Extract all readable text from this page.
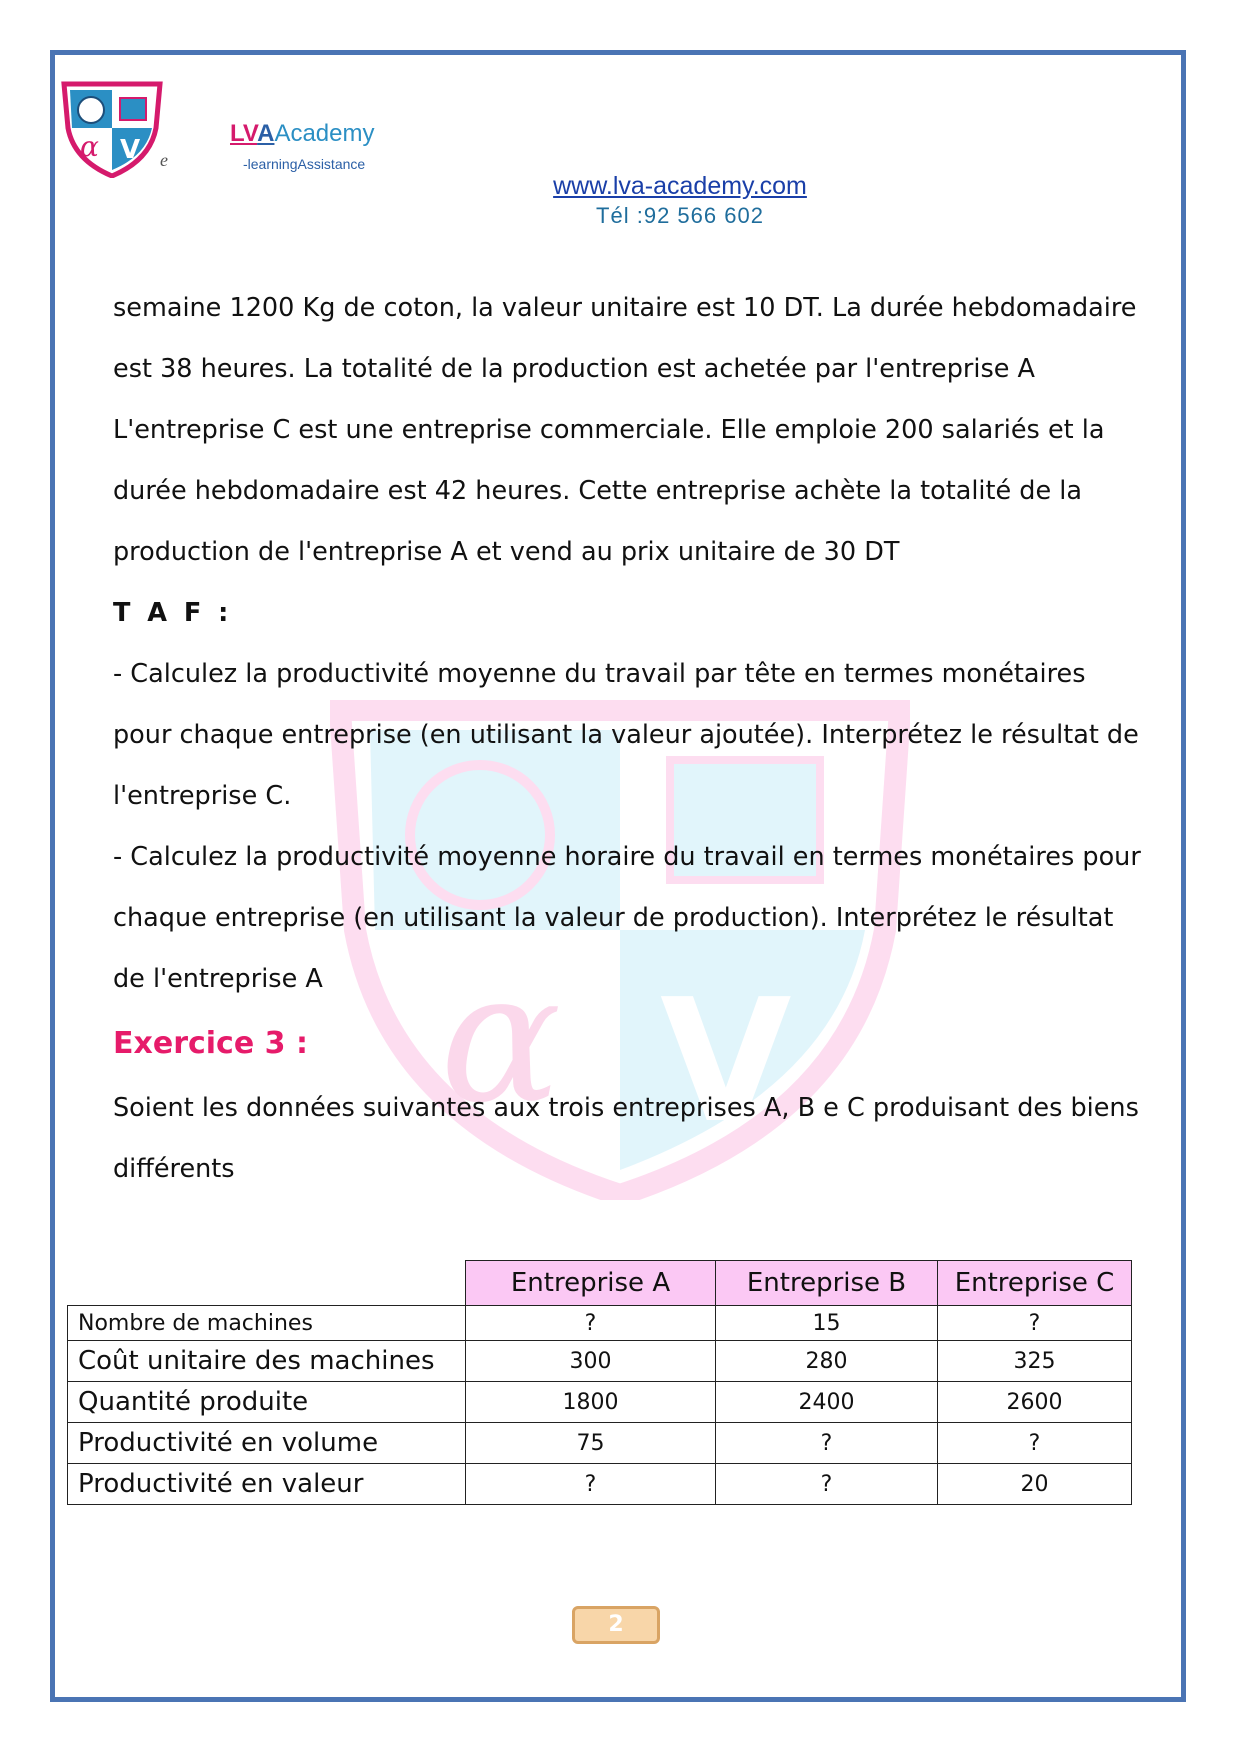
α V e
LVAAcademy
-learningAssistance
www.lva-academy.com
Tél :92 566 602
α V

semaine 1200 Kg de coton, la valeur unitaire est 10 DT. La durée hebdomadaire est 38 heures. La totalité de la production est achetée par l'entreprise A

L'entreprise C est une entreprise commerciale. Elle emploie 200 salariés et la durée hebdomadaire est 42 heures. Cette entreprise achète la totalité de la production de l'entreprise A et vend au prix unitaire de 30 DT

T A F :

- Calculez la productivité moyenne du travail par tête en termes monétaires pour chaque entreprise (en utilisant la valeur ajoutée). Interprétez le résultat de l'entreprise C.

- Calculez la productivité moyenne horaire du travail en termes monétaires pour chaque entreprise (en utilisant la valeur de production). Interprétez le résultat de l'entreprise A

Exercice 3 :

Soient les données suivantes aux trois entreprises A, B e C produisant des biens différents

	Entreprise A	Entreprise B	Entreprise C
Nombre de machines	?	15	?
Coût unitaire des machines	300	280	325
Quantité produite	1800	2400	2600
Productivité en volume	75	?	?
Productivité en valeur	?	?	20
2
